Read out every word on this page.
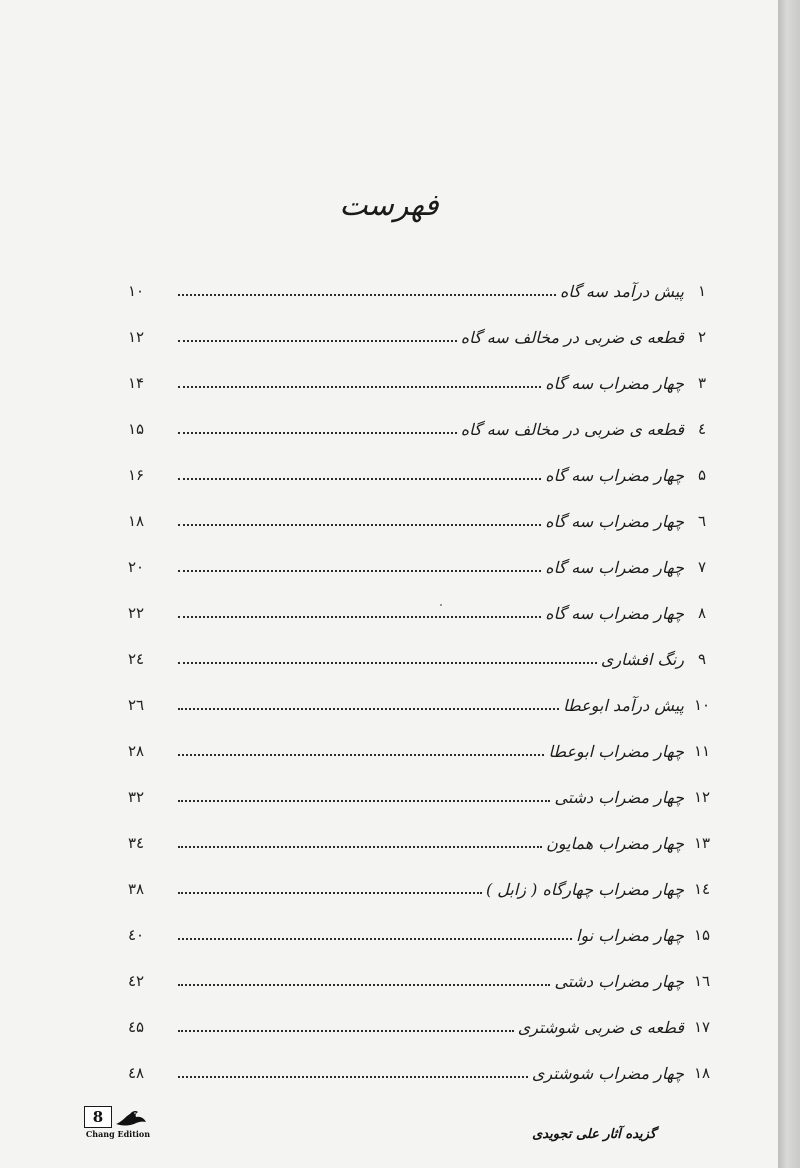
فهرست
۱
پیش درآمد سه گاه
۱۰
۲
قطعه ی ضربی در مخالف سه گاه
۱۲
۳
چهار مضراب سه گاه
۱۴
٤
قطعه ی ضربی در مخالف سه گاه
۱۵
۵
چهار مضراب سه گاه
۱۶
٦
چهار مضراب سه گاه
۱۸
۷
چهار مضراب سه گاه
۲۰
۸
چهار مضراب سه گاه
۲۲
۹
رنگ افشاری
۲٤
۱۰
پیش درآمد ابوعطا
۲٦
۱۱
چهار مضراب ابوعطا
۲۸
۱۲
چهار مضراب دشتی
۳۲
۱۳
چهار مضراب همایون
۳٤
۱٤
چهار مضراب چهارگاه ( زابل )
۳۸
۱۵
چهار مضراب نوا
٤۰
۱٦
چهار مضراب دشتی
٤۲
۱۷
قطعه ی ضربی شوشتری
٤۵
۱۸
چهار مضراب شوشتری
٤۸
8
Chang Edition	گزیده آثار علی تجویدی
